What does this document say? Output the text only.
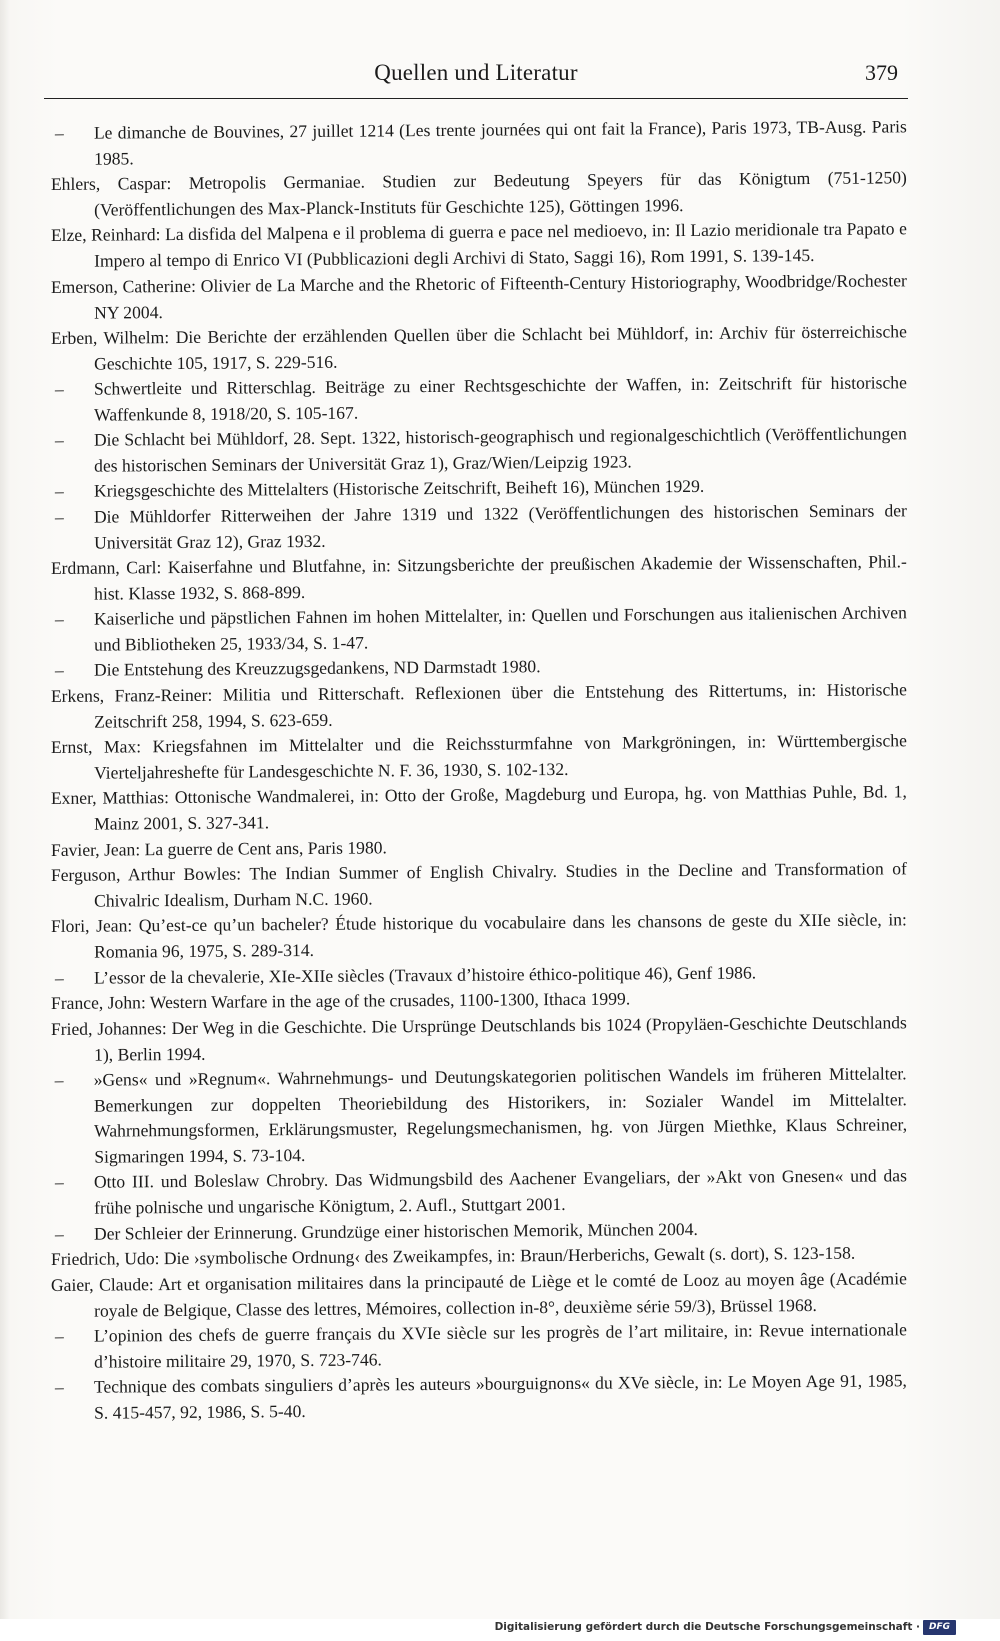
Quellen und Literatur	379

– Le dimanche de Bouvines, 27 juillet 1214 (Les trente journées qui ont fait la France), Paris 1973, TB-Ausg. Paris 1985.

Ehlers, Caspar: Metropolis Germaniae. Studien zur Bedeutung Speyers für das Königtum (751-1250) (Veröffentlichungen des Max-Planck-Instituts für Geschichte 125), Göttingen 1996.

Elze, Reinhard: La disfida del Malpena e il problema di guerra e pace nel medioevo, in: Il Lazio meridionale tra Papato e Impero al tempo di Enrico VI (Pubblicazioni degli Archivi di Stato, Saggi 16), Rom 1991, S. 139-145.

Emerson, Catherine: Olivier de La Marche and the Rhetoric of Fifteenth-Century Historiography, Woodbridge/Rochester NY 2004.

Erben, Wilhelm: Die Berichte der erzählenden Quellen über die Schlacht bei Mühldorf, in: Archiv für österreichische Geschichte 105, 1917, S. 229-516.

– Schwertleite und Ritterschlag. Beiträge zu einer Rechtsgeschichte der Waffen, in: Zeitschrift für historische Waffenkunde 8, 1918/20, S. 105-167.

– Die Schlacht bei Mühldorf, 28. Sept. 1322, historisch-geographisch und regionalgeschichtlich (Veröffentlichungen des historischen Seminars der Universität Graz 1), Graz/Wien/Leipzig 1923.

– Kriegsgeschichte des Mittelalters (Historische Zeitschrift, Beiheft 16), München 1929.

– Die Mühldorfer Ritterweihen der Jahre 1319 und 1322 (Veröffentlichungen des historischen Seminars der Universität Graz 12), Graz 1932.

Erdmann, Carl: Kaiserfahne und Blutfahne, in: Sitzungsberichte der preußischen Akademie der Wissenschaften, Phil.-hist. Klasse 1932, S. 868-899.

– Kaiserliche und päpstlichen Fahnen im hohen Mittelalter, in: Quellen und Forschungen aus italienischen Archiven und Bibliotheken 25, 1933/34, S. 1-47.

– Die Entstehung des Kreuzzugsgedankens, ND Darmstadt 1980.

Erkens, Franz-Reiner: Militia und Ritterschaft. Reflexionen über die Entstehung des Rittertums, in: Historische Zeitschrift 258, 1994, S. 623-659.

Ernst, Max: Kriegsfahnen im Mittelalter und die Reichssturmfahne von Markgröningen, in: Württembergische Vierteljahreshefte für Landesgeschichte N. F. 36, 1930, S. 102-132.

Exner, Matthias: Ottonische Wandmalerei, in: Otto der Große, Magdeburg und Europa, hg. von Matthias Puhle, Bd. 1, Mainz 2001, S. 327-341.

Favier, Jean: La guerre de Cent ans, Paris 1980.

Ferguson, Arthur Bowles: The Indian Summer of English Chivalry. Studies in the Decline and Transformation of Chivalric Idealism, Durham N.C. 1960.

Flori, Jean: Qu’est-ce qu’un bacheler? Étude historique du vocabulaire dans les chansons de geste du XIIe siècle, in: Romania 96, 1975, S. 289-314.

– L’essor de la chevalerie, XIe-XIIe siècles (Travaux d’histoire éthico-politique 46), Genf 1986.

France, John: Western Warfare in the age of the crusades, 1100-1300, Ithaca 1999.

Fried, Johannes: Der Weg in die Geschichte. Die Ursprünge Deutschlands bis 1024 (Propyläen-Geschichte Deutschlands 1), Berlin 1994.

– »Gens« und »Regnum«. Wahrnehmungs- und Deutungskategorien politischen Wandels im früheren Mittelalter. Bemerkungen zur doppelten Theoriebildung des Historikers, in: Sozialer Wandel im Mittelalter. Wahrnehmungsformen, Erklärungsmuster, Regelungsmechanismen, hg. von Jürgen Miethke, Klaus Schreiner, Sigmaringen 1994, S. 73-104.

– Otto III. und Boleslaw Chrobry. Das Widmungsbild des Aachener Evangeliars, der »Akt von Gnesen« und das frühe polnische und ungarische Königtum, 2. Aufl., Stuttgart 2001.

– Der Schleier der Erinnerung. Grundzüge einer historischen Memorik, München 2004.

Friedrich, Udo: Die ›symbolische Ordnung‹ des Zweikampfes, in: Braun/Herberichs, Gewalt (s. dort), S. 123-158.

Gaier, Claude: Art et organisation militaires dans la principauté de Liège et le comté de Looz au moyen âge (Académie royale de Belgique, Classe des lettres, Mémoires, collection in-8°, deuxième série 59/3), Brüssel 1968.

– L’opinion des chefs de guerre français du XVIe siècle sur les progrès de l’art militaire, in: Revue internationale d’histoire militaire 29, 1970, S. 723-746.

– Technique des combats singuliers d’après les auteurs »bourguignons« du XVe siècle, in: Le Moyen Age 91, 1985, S. 415-457, 92, 1986, S. 5-40.

Digitalisierung gefördert durch die Deutsche Forschungsgemeinschaft · DFG
